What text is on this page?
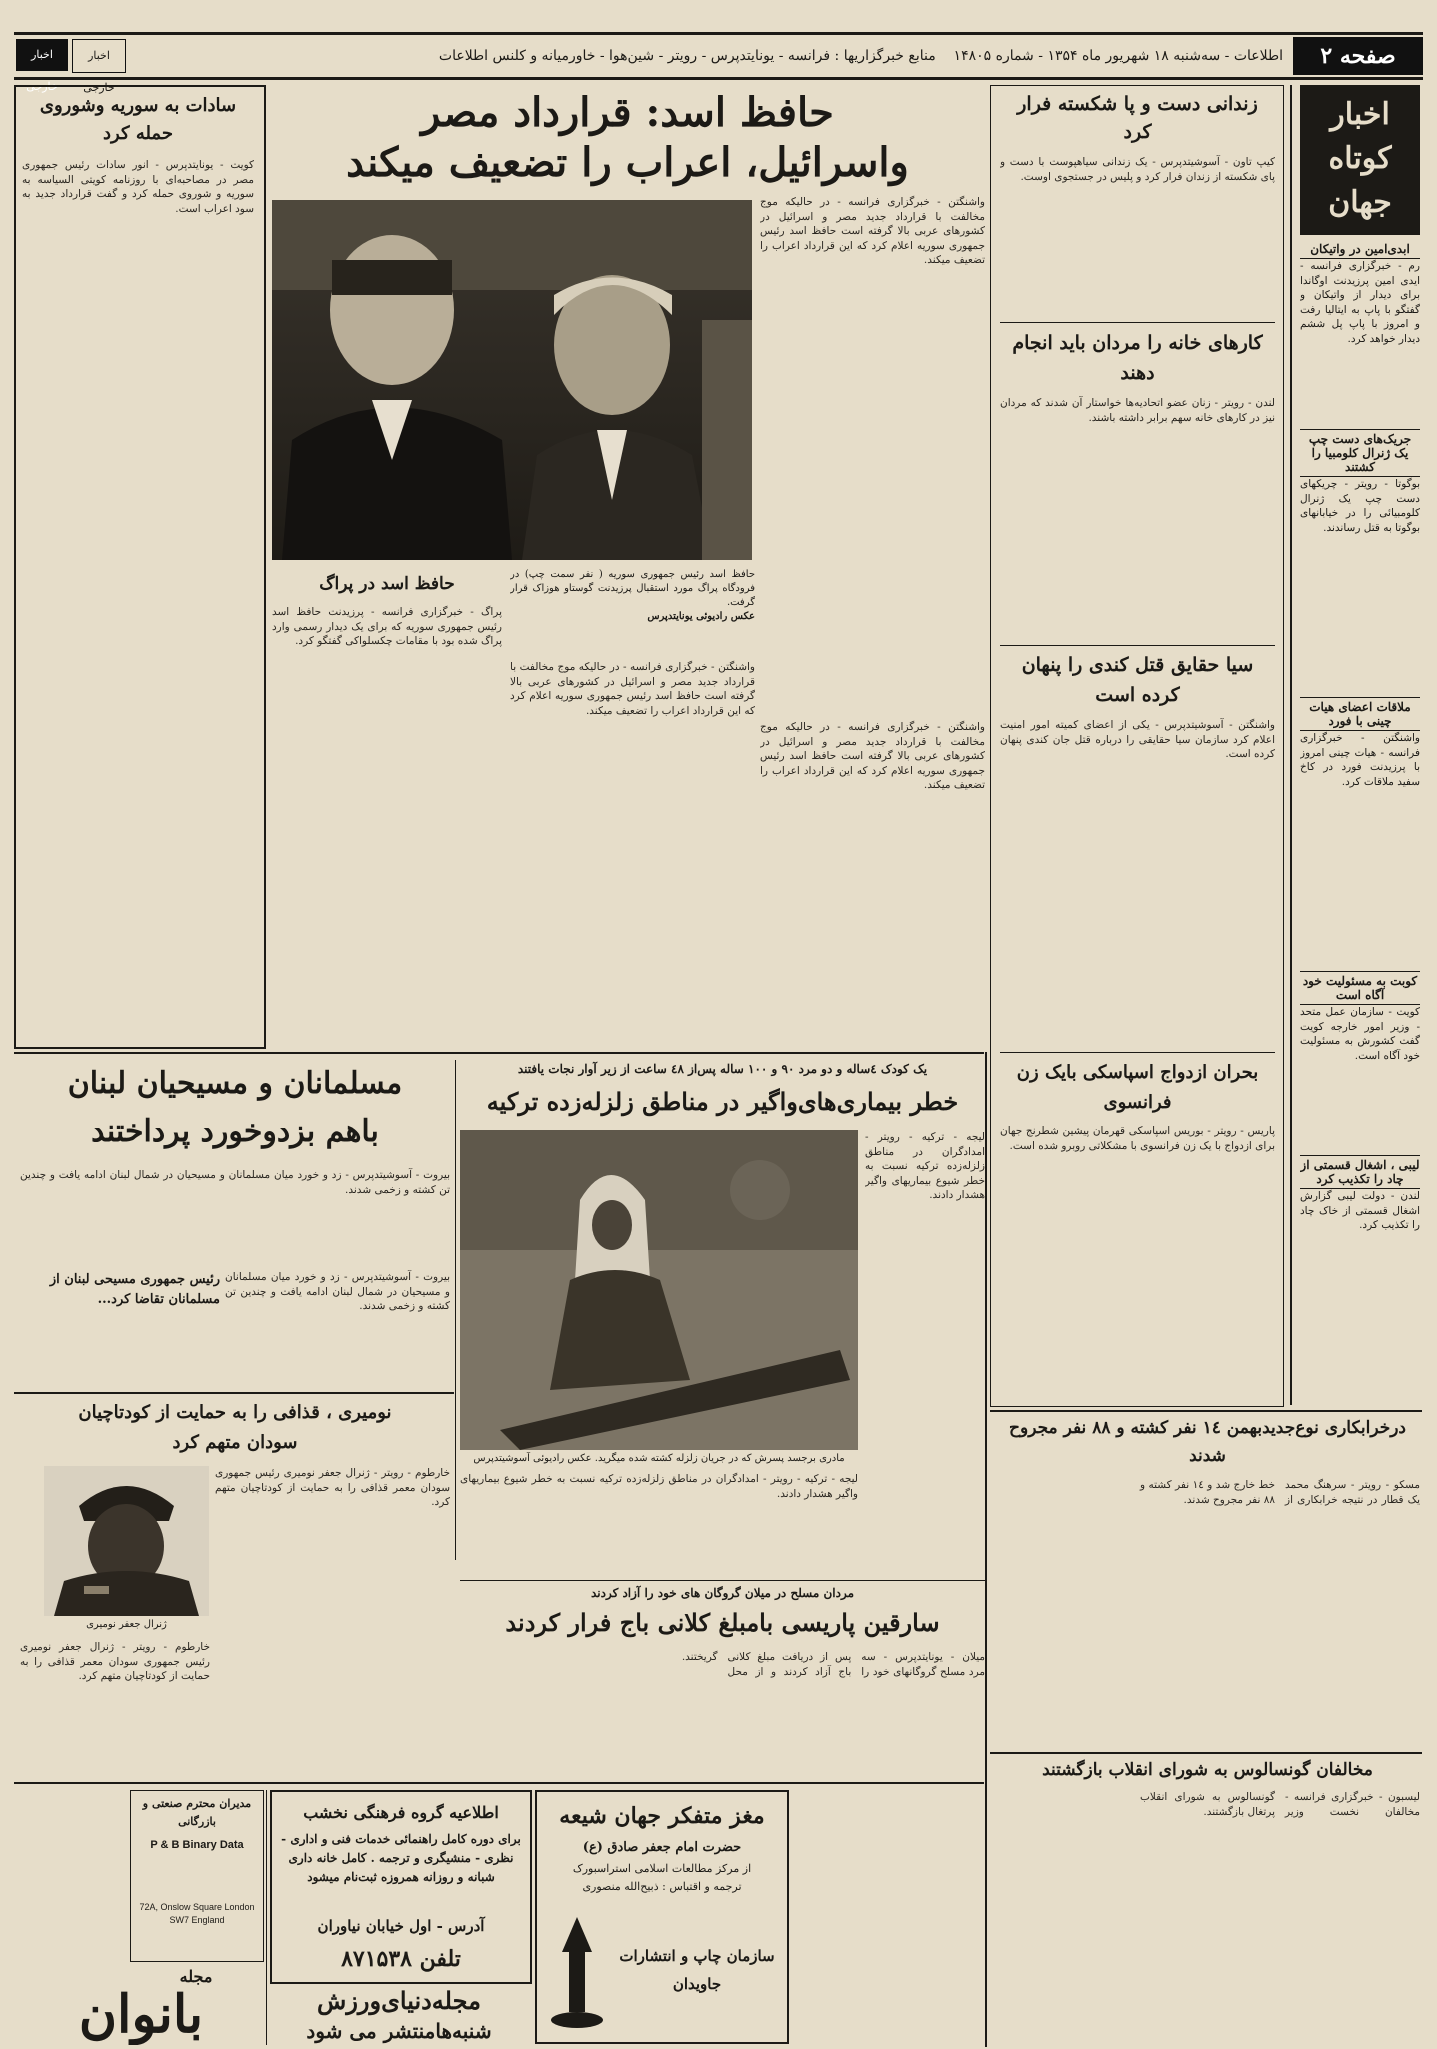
صفحه ۲
اخبار خارجی
اخبار خارجی
اطلاعات - سه‌شنبه ۱۸ شهریور ماه ۱۳۵۴ - شماره ۱۴۸۰۵    منابع خبرگزاریها : فرانسه - یونایتدپرس - رویتر - شین‌هوا - خاورمیانه و کلنس اطلاعات
اخبار کوتاه جهان
ابدی‌امین در واتیکان
رم - خبرگزاری فرانسه - ایدی امین پرزیدنت اوگاندا برای دیدار از واتیکان و گفتگو با پاپ به ایتالیا رفت و امروز با پاپ پل ششم دیدار خواهد کرد.
جریک‌های دست چپ یک ژنرال کلومبیا را کشتند
بوگوتا - رویتر - چریکهای دست چپ یک ژنرال کلومبیائی را در خیابانهای بوگوتا به قتل رساندند.
ملاقات اعضای هیات چینی با فورد
واشنگتن - خبرگزاری فرانسه - هیات چینی امروز با پرزیدنت فورد در کاخ سفید ملاقات کرد.
کوبت به مسئولیت خود آگاه است
کویت - سازمان عمل متحد - وزیر امور خارجه کویت گفت کشورش به مسئولیت خود آگاه است.
لیبی ، اشغال قسمتی از چاد را تکذیب کرد
لندن - دولت لیبی گزارش اشغال قسمتی از خاک چاد را تکذیب کرد.
زندانی دست و پا شکسته فرار کرد
کیپ تاون - آسوشیتدپرس - یک زندانی سیاهپوست با دست و پای شکسته از زندان فرار کرد و پلیس در جستجوی اوست.
کارهای خانه را مردان باید انجام دهند
لندن - رویتر - زنان عضو اتحادیه‌ها خواستار آن شدند که مردان نیز در کارهای خانه سهم برابر داشته باشند.
سیا حقایق قتل کندی را پنهان کرده است
واشنگتن - آسوشیتدپرس - یکی از اعضای کمیته امور امنیت اعلام کرد سازمان سیا حقایقی را درباره قتل جان کندی پنهان کرده است.
بحران ازدواج اسپاسکی بایک زن فرانسوی
پاریس - رویتر - بوریس اسپاسکی قهرمان پیشین شطرنج جهان برای ازدواج با یک زن فرانسوی با مشکلاتی روبرو شده است.
حافظ اسد: قرارداد مصر
واسرائیل، اعراب را تضعیف میکند
واشنگتن - خبرگزاری فرانسه - در حالیکه موج مخالفت با قرارداد جدید مصر و اسرائیل در کشورهای عربی بالا گرفته است حافظ اسد رئیس جمهوری سوریه اعلام کرد که این قرارداد اعراب را تضعیف میکند.
حافظ اسد رئیس جمهوری سوریه ( نفر سمت چپ) در فرودگاه پراگ مورد استقبال پرزیدنت گوستاو هوزاک قرار گرفت.
عکس رادیوئی یونایتدپرس
حافظ اسد در پراگ
پراگ - خبرگزاری فرانسه - پرزیدنت حافظ اسد رئیس جمهوری سوریه که برای یک دیدار رسمی وارد پراگ شده بود با مقامات چکسلواکی گفتگو کرد.
واشنگتن - خبرگزاری فرانسه - در حالیکه موج مخالفت با قرارداد جدید مصر و اسرائیل در کشورهای عربی بالا گرفته است حافظ اسد رئیس جمهوری سوریه اعلام کرد که این قرارداد اعراب را تضعیف میکند.
واشنگتن - خبرگزاری فرانسه - در حالیکه موج مخالفت با قرارداد جدید مصر و اسرائیل در کشورهای عربی بالا گرفته است حافظ اسد رئیس جمهوری سوریه اعلام کرد که این قرارداد اعراب را تضعیف میکند.
سادات به سوریه وشوروی حمله کرد
کویت - یونایتدپرس - انور سادات رئیس جمهوری مصر در مصاحبه‌ای با روزنامه کویتی السیاسه به سوریه و شوروی حمله کرد و گفت قرارداد جدید به سود اعراب است.
مسلمانان و مسیحیان لبنان
باهم بزدوخورد پرداختند
بیروت - آسوشیتدپرس - زد و خورد میان مسلمانان و مسیحیان در شمال لبنان ادامه یافت و چندین تن کشته و زخمی شدند.
رئیس جمهوری مسیحی لبنان از مسلمانان تقاضا کرد...
بیروت - آسوشیتدپرس - زد و خورد میان مسلمانان و مسیحیان در شمال لبنان ادامه یافت و چندین تن کشته و زخمی شدند.
نومیری ، قذافی را به حمایت از کودتاچیان
سودان متهم کرد
ژنرال جعفر نومیری
خارطوم - رویتر - ژنرال جعفر نومیری رئیس جمهوری سودان معمر قذافی را به حمایت از کودتاچیان متهم کرد.
خارطوم - رویتر - ژنرال جعفر نومیری رئیس جمهوری سودان معمر قذافی را به حمایت از کودتاچیان متهم کرد.
یک کودک ٤ساله و دو مرد ۹۰ و ۱۰۰ ساله پس‌از ٤۸ ساعت از زیر آوار نجات یافتند
خطر بیماری‌های‌واگیر در مناطق زلزله‌زده ترکیه
مادری برجسد پسرش که در جریان زلزله کشته شده میگرید. عکس رادیوئی آسوشیتدپرس
لیجه - ترکیه - رویتر - امدادگران در مناطق زلزله‌زده ترکیه نسبت به خطر شیوع بیماریهای واگیر هشدار دادند.
لیجه - ترکیه - رویتر - امدادگران در مناطق زلزله‌زده ترکیه نسبت به خطر شیوع بیماریهای واگیر هشدار دادند.
مردان مسلح در میلان گروگان های خود را آزاد کردند
سارقین پاریسی بامبلغ کلانی باج فرار کردند
میلان - یونایتدپرس - سه مرد مسلح گروگانهای خود را پس از دریافت مبلغ کلانی باج آزاد کردند و از محل گریختند.
درخرابکاری نوع‌جدیدبهمن ۱٤ نفر کشته و ۸۸ نفر مجروح شدند
مسکو - رویتر - سرهنگ محمد یک قطار در نتیجه خرابکاری از خط خارج شد و ۱٤ نفر کشته و ۸۸ نفر مجروح شدند.
مخالفان گونسالوس به شورای انقلاب بازگشتند
لیسبون - خبرگزاری فرانسه - مخالفان نخست وزیر گونسالوس به شورای انقلاب پرتغال بازگشتند.
مغز متفکر جهان شیعه
حضرت امام جعفر صادق (ع)
از مرکز مطالعات اسلامی استراسبورک
ترجمه و اقتباس : ذبیح‌الله منصوری
سازمان چاپ و انتشارات جاویدان
اطلاعیه گروه فرهنگی نخشب
برای دوره کامل راهنمائی خدمات فنی و اداری - نظری - منشیگری و ترجمه . کامل خانه داری شبانه و روزانه همروزه ثبت‌نام میشود
آدرس - اول خیابان نیاوران
تلفن ۸۷۱۵۳۸
مجله‌دنیای‌ورزش
شنبه‌هامنتشر می شود
مدیران محترم صنعتی و بازرگانی
P & B Binary Data
72A, Onslow Square London SW7 England
مجله
بانوان
